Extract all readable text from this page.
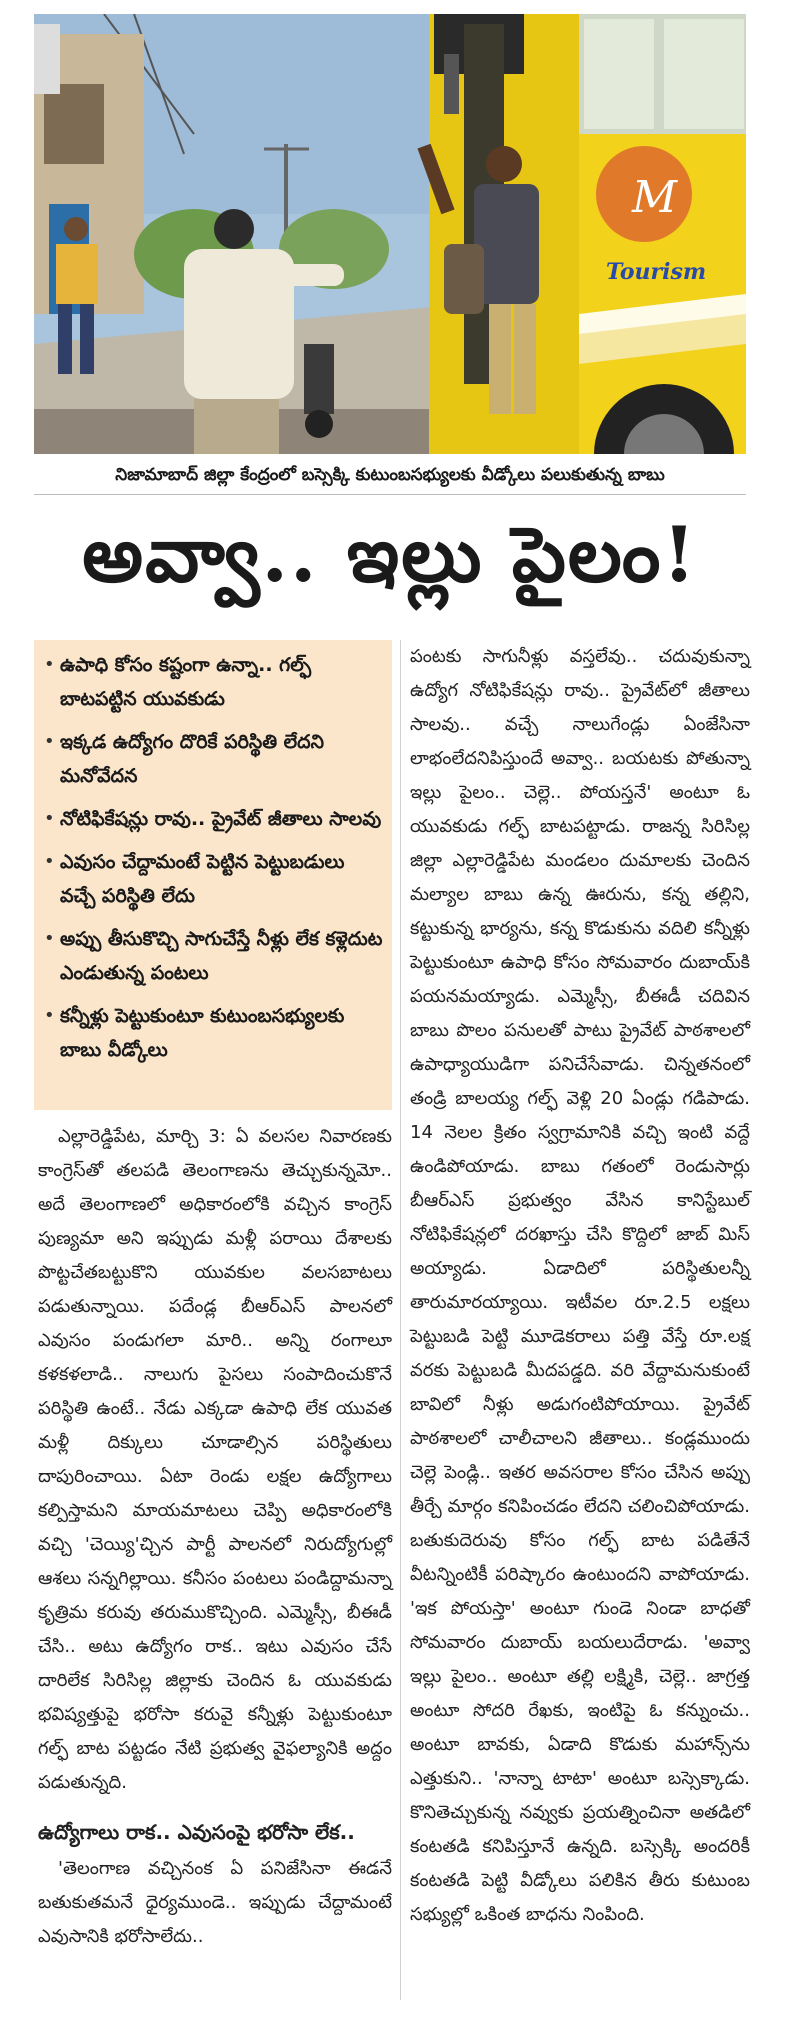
M
Tourism
నిజామాబాద్ జిల్లా కేంద్రంలో బస్సెక్కి కుటుంబసభ్యులకు వీడ్కోలు పలుకుతున్న బాబు
అవ్వా.. ఇల్లు పైలం!
• ఉపాధి కోసం కష్టంగా ఉన్నా.. గల్ఫ్ బాటపట్టిన యువకుడు
• ఇక్కడ ఉద్యోగం దొరికే పరిస్థితి లేదని మనోవేదన
• నోటిఫికేషన్లు రావు.. ప్రైవేట్ జీతాలు సాలవు
• ఎవుసం చేద్దామంటే పెట్టిన పెట్టుబడులు వచ్చే పరిస్థితి లేదు
• అప్పు తీసుకొచ్చి సాగుచేస్తే నీళ్లు లేక కళ్లెదుట ఎండుతున్న పంటలు
• కన్నీళ్లు పెట్టుకుంటూ కుటుంబసభ్యులకు బాబు వీడ్కోలు

ఎల్లారెడ్డిపేట, మార్చి 3: ఏ వలసల నివారణకు కాంగ్రెస్‌తో తలపడి తెలంగాణను తెచ్చుకున్నమో.. అదే తెలంగాణలో అధికారంలోకి వచ్చిన కాంగ్రెస్ పుణ్యమా అని ఇప్పుడు మళ్లీ పరాయి దేశాలకు పొట్టచేతబట్టుకొని యువకుల వలసబాటలు పడుతున్నాయి. పదేండ్ల బీఆర్‌ఎస్ పాలనలో ఎవుసం పండుగలా మారి.. అన్ని రంగాలూ కళకళలాడి.. నాలుగు పైసలు సంపాదించుకొనే పరిస్థితి ఉంటే.. నేడు ఎక్కడా ఉపాధి లేక యువత మళ్లీ దిక్కులు చూడాల్సిన పరిస్థితులు దాపురించాయి. ఏటా రెండు లక్షల ఉద్యోగాలు కల్పిస్తామని మాయమాటలు చెప్పి అధికారంలోకి వచ్చి 'చెయ్యి'చ్చిన పార్టీ పాలనలో నిరుద్యోగుల్లో ఆశలు సన్నగిల్లాయి. కనీసం పంటలు పండిద్దామన్నా కృత్రిమ కరువు తరుముకొచ్చింది. ఎమ్మెస్సీ, బీఈడీ చేసి.. అటు ఉద్యోగం రాక.. ఇటు ఎవుసం చేసే దారిలేక సిరిసిల్ల జిల్లాకు చెందిన ఓ యువకుడు భవిష్యత్తుపై భరోసా కరువై కన్నీళ్లు పెట్టుకుంటూ గల్ఫ్ బాట పట్టడం నేటి ప్రభుత్వ వైఫల్యానికి అద్దం పడుతున్నది.

ఉద్యోగాలు రాక.. ఎవుసంపై భరోసా లేక..

'తెలంగాణ వచ్చినంక ఏ పనిజేసినా ఈడనే బతుకుతమనే ధైర్యముండె.. ఇప్పుడు చేద్దామంటే ఎవుసానికి భరోసాలేదు..

పంటకు సాగునీళ్లు వస్తలేవు.. చదువుకున్నా ఉద్యోగ నోటిఫికేషన్లు రావు.. ప్రైవేట్‌లో జీతాలు సాలవు.. వచ్చే నాలుగేండ్లు ఏంజేసినా లాభంలేదనిపిస్తుందే అవ్వా.. బయటకు పోతున్నా ఇల్లు పైలం.. చెల్లె.. పోయస్తనే' అంటూ ఓ యువకుడు గల్ఫ్ బాటపట్టాడు. రాజన్న సిరిసిల్ల జిల్లా ఎల్లారెడ్డిపేట మండలం దుమాలకు చెందిన మల్యాల బాబు ఉన్న ఊరును, కన్న తల్లిని, కట్టుకున్న భార్యను, కన్న కొడుకును వదిలి కన్నీళ్లు పెట్టుకుంటూ ఉపాధి కోసం సోమవారం దుబాయ్‌కి పయనమయ్యాడు. ఎమ్మెస్సీ, బీఈడీ చదివిన బాబు పొలం పనులతో పాటు ప్రైవేట్ పాఠశాలలో ఉపాధ్యాయుడిగా పనిచేసేవాడు. చిన్నతనంలో తండ్రి బాలయ్య గల్ఫ్ వెళ్లి 20 ఏండ్లు గడిపాడు. 14 నెలల క్రితం స్వగ్రామానికి వచ్చి ఇంటి వద్దే ఉండిపోయాడు. బాబు గతంలో రెండుసార్లు బీఆర్‌ఎస్ ప్రభుత్వం వేసిన కానిస్టేబుల్ నోటిఫికేషన్లలో దరఖాస్తు చేసి కొద్దిలో జాబ్ మిస్ అయ్యాడు. ఏడాదిలో పరిస్థితులన్నీ తారుమారయ్యాయి. ఇటీవల రూ.2.5 లక్షలు పెట్టుబడి పెట్టి మూడెకరాలు పత్తి వేస్తే రూ.లక్ష వరకు పెట్టుబడి మీదపడ్డది. వరి వేద్దామనుకుంటే బావిలో నీళ్లు అడుగంటిపోయాయి. ప్రైవేట్ పాఠశాలలో చాలీచాలని జీతాలు.. కండ్లముందు చెల్లె పెండ్లి.. ఇతర అవసరాల కోసం చేసిన అప్పు తీర్చే మార్గం కనిపించడం లేదని చలించిపోయాడు. బతుకుదెరువు కోసం గల్ఫ్ బాట పడితేనే వీటన్నింటికీ పరిష్కారం ఉంటుందని వాపోయాడు. 'ఇక పోయస్తా' అంటూ గుండె నిండా బాధతో సోమవారం దుబాయ్ బయలుదేరాడు. 'అవ్వా ఇల్లు పైలం.. అంటూ తల్లి లక్ష్మికి, చెల్లె.. జాగ్రత్త అంటూ సోదరి రేఖకు, ఇంటిపై ఓ కన్నుంచు.. అంటూ బావకు, ఏడాది కొడుకు మహాన్స్‌ను ఎత్తుకుని.. 'నాన్నా టాటా' అంటూ బస్సెక్కాడు. కొనితెచ్చుకున్న నవ్వుకు ప్రయత్నించినా అతడిలో కంటతడి కనిపిస్తూనే ఉన్నది. బస్సెక్కి అందరికీ కంటతడి పెట్టి వీడ్కోలు పలికిన తీరు కుటుంబ సభ్యుల్లో ఒకింత బాధను నింపింది.
